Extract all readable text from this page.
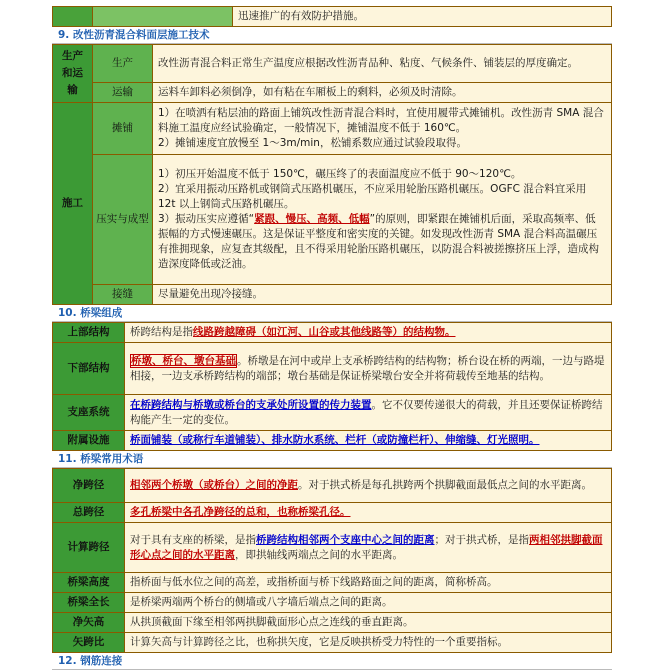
		迅速推广的有效防护措施。
9. 改性沥青混合料面层施工技术
生产和运输	生产	改性沥青混合料正常生产温度应根据改性沥青品种、粘度、气候条件、铺装层的厚度确定。
	运输	运料车卸料必须倒净，如有粘在车厢板上的剩料，必须及时清除。
施工	摊铺	1）在喷洒有粘层油的路面上铺筑改性沥青混合料时，宜使用履带式摊铺机。改性沥青 SMA 混合料施工温度应经试验确定，一般情况下，摊铺温度不低于 160℃。
2）摊铺速度宜放慢至 1～3m/min，松铺系数应通过试验段取得。
	压实与成型	1）初压开始温度不低于 150℃，碾压终了的表面温度应不低于 90～120℃。
2）宜采用振动压路机或钢筒式压路机碾压，不应采用轮胎压路机碾压。OGFC 混合料宜采用 12t 以上钢筒式压路机碾压。
3）振动压实应遵循“紧跟、慢压、高频、低幅”的原则，即紧跟在摊铺机后面，采取高频率、低振幅的方式慢速碾压。这是保证平整度和密实度的关键。如发现改性沥青 SMA 混合料高温碾压有推拥现象，应复查其级配，且不得采用轮胎压路机碾压，以防混合料被搓擦挤压上浮，造成构造深度降低或泛油。

	接缝	尽量避免出现冷接缝。
10. 桥梁组成
上部结构	桥跨结构是指线路跨越障碍（如江河、山谷或其他线路等）的结构物。
下部结构	桥墩、桥台、墩台基础。桥墩是在河中或岸上支承桥跨结构的结构物；桥台设在桥的两端，一边与路堤相接，一边支承桥跨结构的端部；墩台基础是保证桥梁墩台安全并将荷载传至地基的结构。
支座系统	在桥跨结构与桥墩或桥台的支承处所设置的传力装置。它不仅要传递很大的荷载，并且还要保证桥跨结构能产生一定的变位。
附属设施	桥面铺装（或称行车道铺装）、排水防水系统、栏杆（或防撞栏杆）、伸缩缝、灯光照明。
11. 桥梁常用术语
净跨径	相邻两个桥墩（或桥台）之间的净距。对于拱式桥是每孔拱跨两个拱脚截面最低点之间的水平距离。
总跨径	多孔桥梁中各孔净跨径的总和，也称桥梁孔径。
计算跨径	对于具有支座的桥梁，是指桥跨结构相邻两个支座中心之间的距离；对于拱式桥，是指两相邻拱脚截面形心点之间的水平距离，即拱轴线两端点之间的水平距离。
桥梁高度	指桥面与低水位之间的高差，或指桥面与桥下线路路面之间的距离，简称桥高。
桥梁全长	是桥梁两端两个桥台的侧墙或八字墙后端点之间的距离。
净矢高	从拱顶截面下缘至相邻两拱脚截面形心点之连线的垂直距离。
矢跨比	计算矢高与计算跨径之比，也称拱矢度，它是反映拱桥受力特性的一个重要指标。
12. 钢筋连接
